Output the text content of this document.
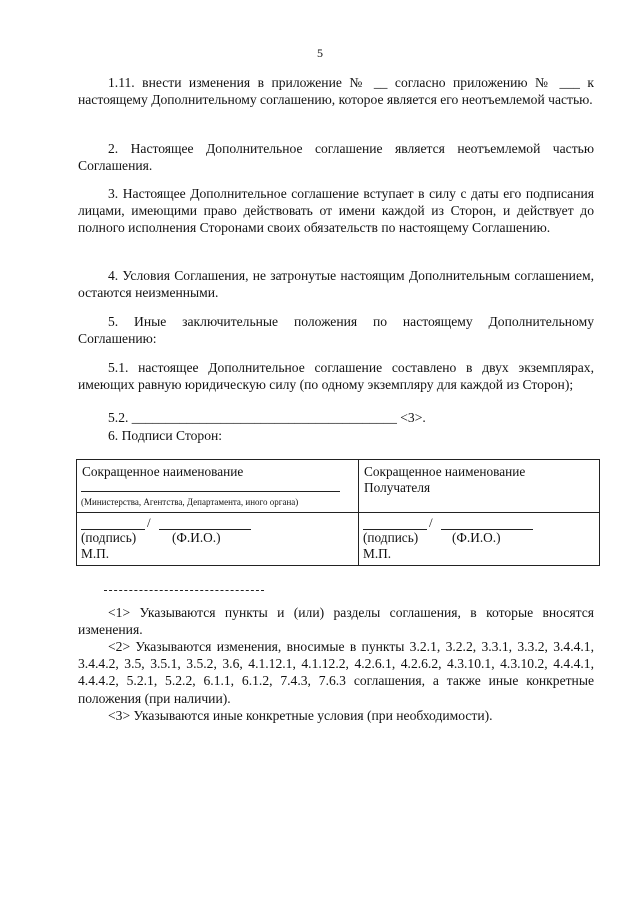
5
1.11. внести изменения в приложение № __ согласно приложению № ___ к настоящему Дополнительному соглашению, которое является его неотъемлемой частью.
2. Настоящее Дополнительное соглашение является неотъемлемой частью Соглашения.
3. Настоящее Дополнительное соглашение вступает в силу с даты его подписания лицами, имеющими право действовать от имени каждой из Сторон, и действует до полного исполнения Сторонами своих обязательств по настоящему Соглашению.
4. Условия Соглашения, не затронутые настоящим Дополнительным соглашением, остаются неизменными.
5. Иные заключительные положения по настоящему Дополнительному Соглашению:
5.1. настоящее Дополнительное соглашение составлено в двух экземплярах, имеющих равную юридическую силу (по одному экземпляру для каждой из Сторон);
5.2. _______________________________________ <3>.
6. Подписи Сторон:
Сокращенное наименование
(Министерства, Агентства, Департамента, иного органа)
Сокращенное наименование
Получателя
/
(подпись)	(Ф.И.О.)
М.П.
/
(подпись)	(Ф.И.О.)
М.П.
<1> Указываются пункты и (или) разделы соглашения, в которые вносятся изменения.
<2> Указываются изменения, вносимые в пункты 3.2.1, 3.2.2, 3.3.1, 3.3.2, 3.4.4.1, 3.4.4.2, 3.5, 3.5.1, 3.5.2, 3.6, 4.1.12.1, 4.1.12.2, 4.2.6.1, 4.2.6.2, 4.3.10.1, 4.3.10.2, 4.4.4.1, 4.4.4.2, 5.2.1, 5.2.2, 6.1.1, 6.1.2, 7.4.3, 7.6.3 соглашения, а также иные конкретные положения (при наличии).
<3> Указываются иные конкретные условия (при необходимости).
